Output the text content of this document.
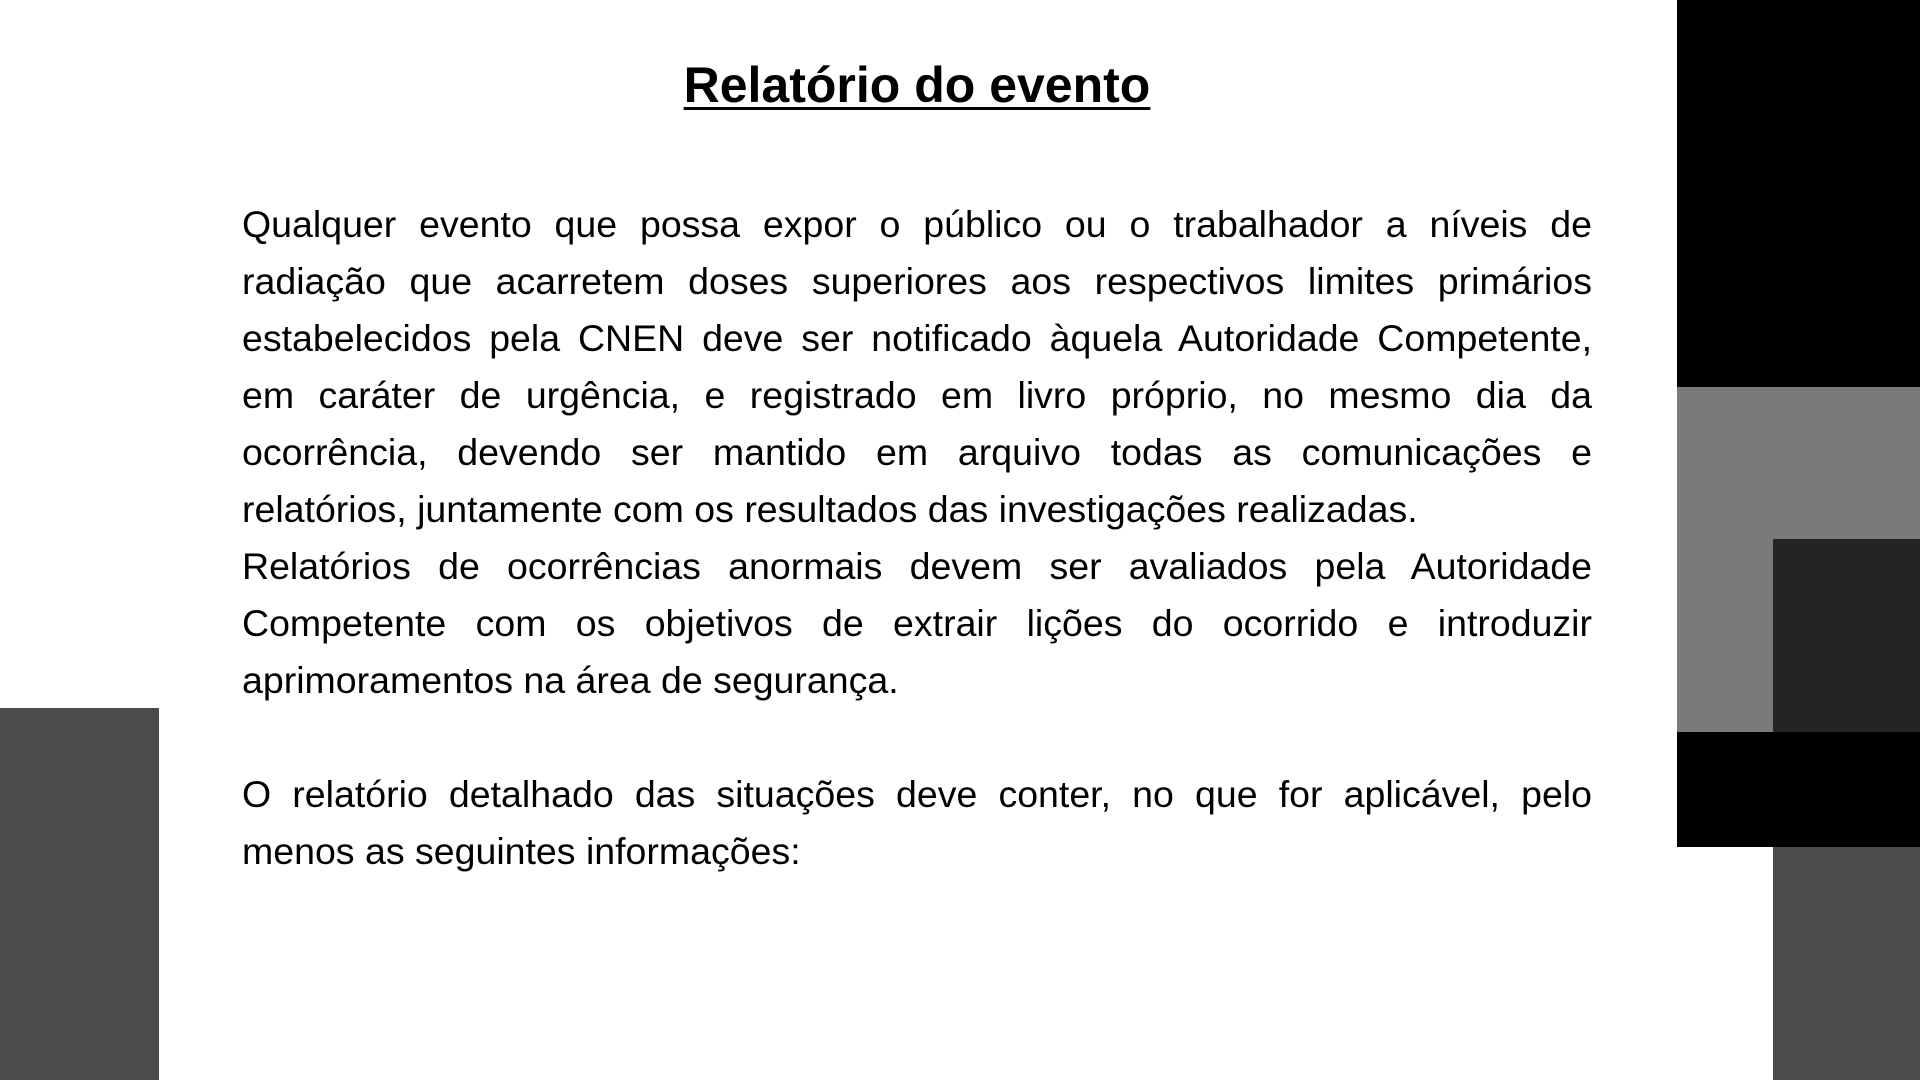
Relatório do evento

Qualquer evento que possa expor o público ou o trabalhador a níveis de radiação que acarretem doses superiores aos respectivos limites primários estabelecidos pela CNEN deve ser notificado àquela Autoridade Competente, em caráter de urgência, e registrado em livro próprio, no mesmo dia da ocorrência, devendo ser mantido em arquivo todas as comunicações e relatórios, juntamente com os resultados das investigações realizadas.

Relatórios de ocorrências anormais devem ser avaliados pela Autoridade Competente com os objetivos de extrair lições do ocorrido e introduzir aprimoramentos na área de segurança.

O relatório detalhado das situações deve conter, no que for aplicável, pelo menos as seguintes informações:
